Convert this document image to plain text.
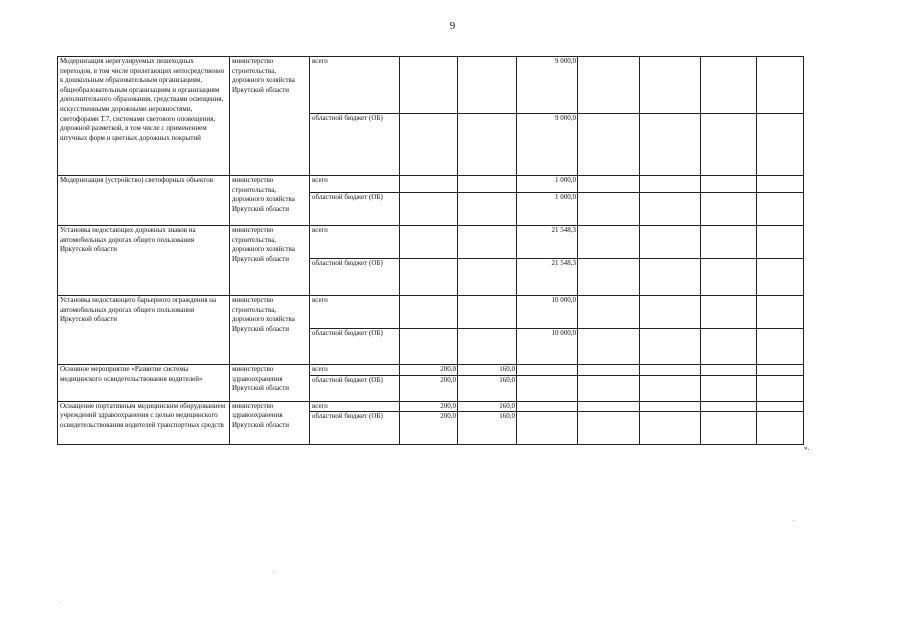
9
Модернизация нерегулируемых пешеходных переходов, в том числе прилегающих непосредственно к дошкольным образовательным организациям, общеобразовательным организациям и организациям дополнительного образования, средствами освещения, искусственными дорожными неровностями, светофорами Т.7, системами светового оповещения, дорожной разметкой, в том числе с применением штучных форм и цветных дорожных покрытий	министерство строительства, дорожного хозяйства Иркутской области	всего			9 000,0				
		областной бюджет (ОБ)			9 000,0				
Модернизация (устройство) светофорных объектов	министерство строительства, дорожного хозяйства Иркутской области	всего			1 000,0				
		областной бюджет (ОБ)			1 000,0				
Установка недостающих дорожных знаков на автомобильных дорогах общего пользования Иркутской области	министерство строительства, дорожного хозяйства Иркутской области	всего			21 548,3				
		областной бюджет (ОБ)			21 548,3				
Установка недостающего барьерного ограждения на автомобильных дорогах общего пользования Иркутской области	министерство строительства, дорожного хозяйства Иркутской области	всего			10 000,0				
		областной бюджет (ОБ)			10 000,0				
Основное мероприятие «Развитие системы медицинского освидетельствования водителей»	министерство здравоохранения Иркутской области	всего	200,0	160,0					
		областной бюджет (ОБ)	200,0	160,0					
Оснащение портативным медицинским оборудованием учреждений здравоохранения с целью медицинского освидетельствования водителей транспортных средств	министерство здравоохранения Иркутской области	всего	200,0	160,0					
		областной бюджет (ОБ)	200,0	160,0					
».
